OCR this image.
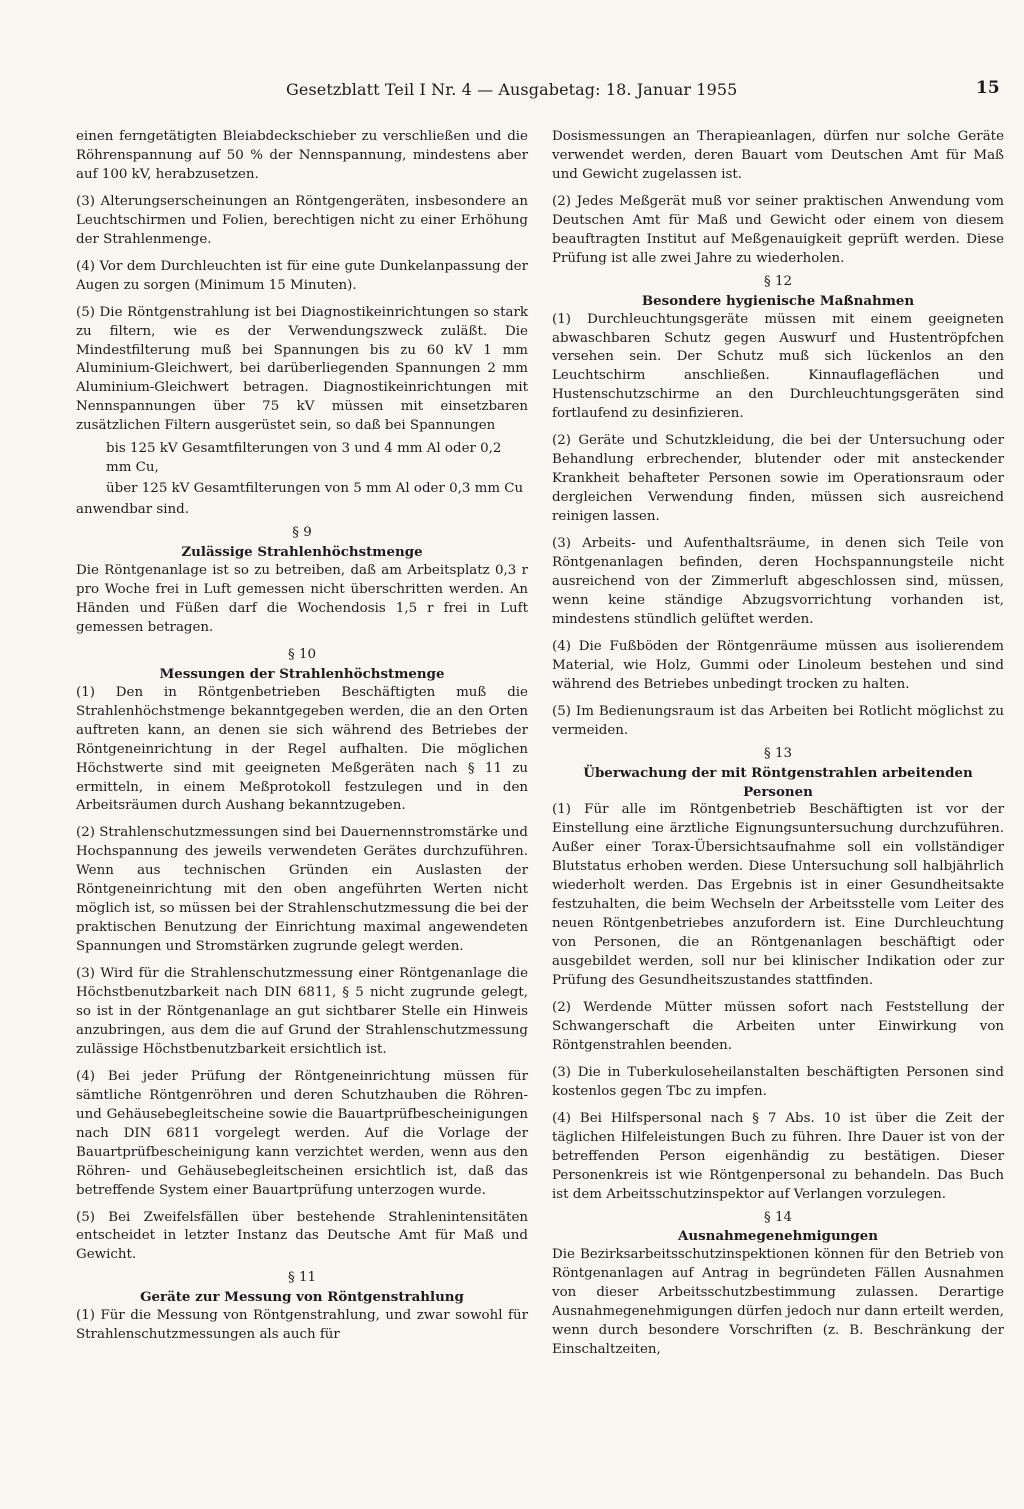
Gesetzblatt Teil I Nr. 4 — Ausgabetag: 18. Januar 1955	15

einen ferngetätigten Bleiabdeckschieber zu verschließen und die Röhrenspannung auf 50 % der Nennspannung, mindestens aber auf 100 kV, herabzusetzen.

(3) Alterungserscheinungen an Röntgengeräten, insbesondere an Leuchtschirmen und Folien, berechtigen nicht zu einer Erhöhung der Strahlenmenge.

(4) Vor dem Durchleuchten ist für eine gute Dunkelanpassung der Augen zu sorgen (Minimum 15 Minuten).

(5) Die Röntgenstrahlung ist bei Diagnostikeinrichtungen so stark zu filtern, wie es der Verwendungszweck zuläßt. Die Mindestfilterung muß bei Spannungen bis zu 60 kV 1 mm Aluminium-Gleichwert, bei darüberliegenden Spannungen 2 mm Aluminium-Gleichwert betragen. Diagnostikeinrichtungen mit Nennspannungen über 75 kV müssen mit einsetzbaren zusätzlichen Filtern ausgerüstet sein, so daß bei Spannungen

bis 125 kV Gesamtfilterungen von 3 und 4 mm Al oder 0,2 mm Cu,

über 125 kV Gesamtfilterungen von 5 mm Al oder 0,3 mm Cu

anwendbar sind.

§ 9

Zulässige Strahlenhöchstmenge

Die Röntgenanlage ist so zu betreiben, daß am Arbeitsplatz 0,3 r pro Woche frei in Luft gemessen nicht überschritten werden. An Händen und Füßen darf die Wochendosis 1,5 r frei in Luft gemessen betragen.

§ 10

Messungen der Strahlenhöchstmenge

(1) Den in Röntgenbetrieben Beschäftigten muß die Strahlenhöchstmenge bekanntgegeben werden, die an den Orten auftreten kann, an denen sie sich während des Betriebes der Röntgeneinrichtung in der Regel aufhalten. Die möglichen Höchstwerte sind mit geeigneten Meßgeräten nach § 11 zu ermitteln, in einem Meßprotokoll festzulegen und in den Arbeitsräumen durch Aushang bekanntzugeben.

(2) Strahlenschutzmessungen sind bei Dauernennstromstärke und Hochspannung des jeweils verwendeten Gerätes durchzuführen. Wenn aus technischen Gründen ein Auslasten der Röntgeneinrichtung mit den oben angeführten Werten nicht möglich ist, so müssen bei der Strahlenschutzmessung die bei der praktischen Benutzung der Einrichtung maximal angewendeten Spannungen und Stromstärken zugrunde gelegt werden.

(3) Wird für die Strahlenschutzmessung einer Röntgenanlage die Höchstbenutzbarkeit nach DIN 6811, § 5 nicht zugrunde gelegt, so ist in der Röntgenanlage an gut sichtbarer Stelle ein Hinweis anzubringen, aus dem die auf Grund der Strahlenschutzmessung zulässige Höchstbenutzbarkeit ersichtlich ist.

(4) Bei jeder Prüfung der Röntgeneinrichtung müssen für sämtliche Röntgenröhren und deren Schutzhauben die Röhren- und Gehäusebegleitscheine sowie die Bauartprüfbescheinigungen nach DIN 6811 vorgelegt werden. Auf die Vorlage der Bauartprüfbescheinigung kann verzichtet werden, wenn aus den Röhren- und Gehäusebegleitscheinen ersichtlich ist, daß das betreffende System einer Bauartprüfung unterzogen wurde.

(5) Bei Zweifelsfällen über bestehende Strahlenintensitäten entscheidet in letzter Instanz das Deutsche Amt für Maß und Gewicht.

§ 11

Geräte zur Messung von Röntgenstrahlung

(1) Für die Messung von Röntgenstrahlung, und zwar sowohl für Strahlenschutzmessungen als auch für

Dosismessungen an Therapieanlagen, dürfen nur solche Geräte verwendet werden, deren Bauart vom Deutschen Amt für Maß und Gewicht zugelassen ist.

(2) Jedes Meßgerät muß vor seiner praktischen Anwendung vom Deutschen Amt für Maß und Gewicht oder einem von diesem beauftragten Institut auf Meßgenauigkeit geprüft werden. Diese Prüfung ist alle zwei Jahre zu wiederholen.

§ 12

Besondere hygienische Maßnahmen

(1) Durchleuchtungsgeräte müssen mit einem geeigneten abwaschbaren Schutz gegen Auswurf und Hustentröpfchen versehen sein. Der Schutz muß sich lückenlos an den Leuchtschirm anschließen. Kinnauflageflächen und Hustenschutzschirme an den Durchleuchtungsgeräten sind fortlaufend zu desinfizieren.

(2) Geräte und Schutzkleidung, die bei der Untersuchung oder Behandlung erbrechender, blutender oder mit ansteckender Krankheit behafteter Personen sowie im Operationsraum oder dergleichen Verwendung finden, müssen sich ausreichend reinigen lassen.

(3) Arbeits- und Aufenthaltsräume, in denen sich Teile von Röntgenanlagen befinden, deren Hochspannungsteile nicht ausreichend von der Zimmerluft abgeschlossen sind, müssen, wenn keine ständige Abzugsvorrichtung vorhanden ist, mindestens stündlich gelüftet werden.

(4) Die Fußböden der Röntgenräume müssen aus isolierendem Material, wie Holz, Gummi oder Linoleum bestehen und sind während des Betriebes unbedingt trocken zu halten.

(5) Im Bedienungsraum ist das Arbeiten bei Rotlicht möglichst zu vermeiden.

§ 13

Überwachung der mit Röntgenstrahlen arbeitenden Personen

(1) Für alle im Röntgenbetrieb Beschäftigten ist vor der Einstellung eine ärztliche Eignungsuntersuchung durchzuführen. Außer einer Torax-Übersichtsaufnahme soll ein vollständiger Blutstatus erhoben werden. Diese Untersuchung soll halbjährlich wiederholt werden. Das Ergebnis ist in einer Gesundheitsakte festzuhalten, die beim Wechseln der Arbeitsstelle vom Leiter des neuen Röntgenbetriebes anzufordern ist. Eine Durchleuchtung von Personen, die an Röntgenanlagen beschäftigt oder ausgebildet werden, soll nur bei klinischer Indikation oder zur Prüfung des Gesundheitszustandes stattfinden.

(2) Werdende Mütter müssen sofort nach Feststellung der Schwangerschaft die Arbeiten unter Einwirkung von Röntgenstrahlen beenden.

(3) Die in Tuberkuloseheilanstalten beschäftigten Personen sind kostenlos gegen Tbc zu impfen.

(4) Bei Hilfspersonal nach § 7 Abs. 10 ist über die Zeit der täglichen Hilfeleistungen Buch zu führen. Ihre Dauer ist von der betreffenden Person eigenhändig zu bestätigen. Dieser Personenkreis ist wie Röntgenpersonal zu behandeln. Das Buch ist dem Arbeitsschutzinspektor auf Verlangen vorzulegen.

§ 14

Ausnahmegenehmigungen

Die Bezirksarbeitsschutzinspektionen können für den Betrieb von Röntgenanlagen auf Antrag in begründeten Fällen Ausnahmen von dieser Arbeitsschutzbestimmung zulassen. Derartige Ausnahmegenehmigungen dürfen jedoch nur dann erteilt werden, wenn durch besondere Vorschriften (z. B. Beschränkung der Einschaltzeiten,
